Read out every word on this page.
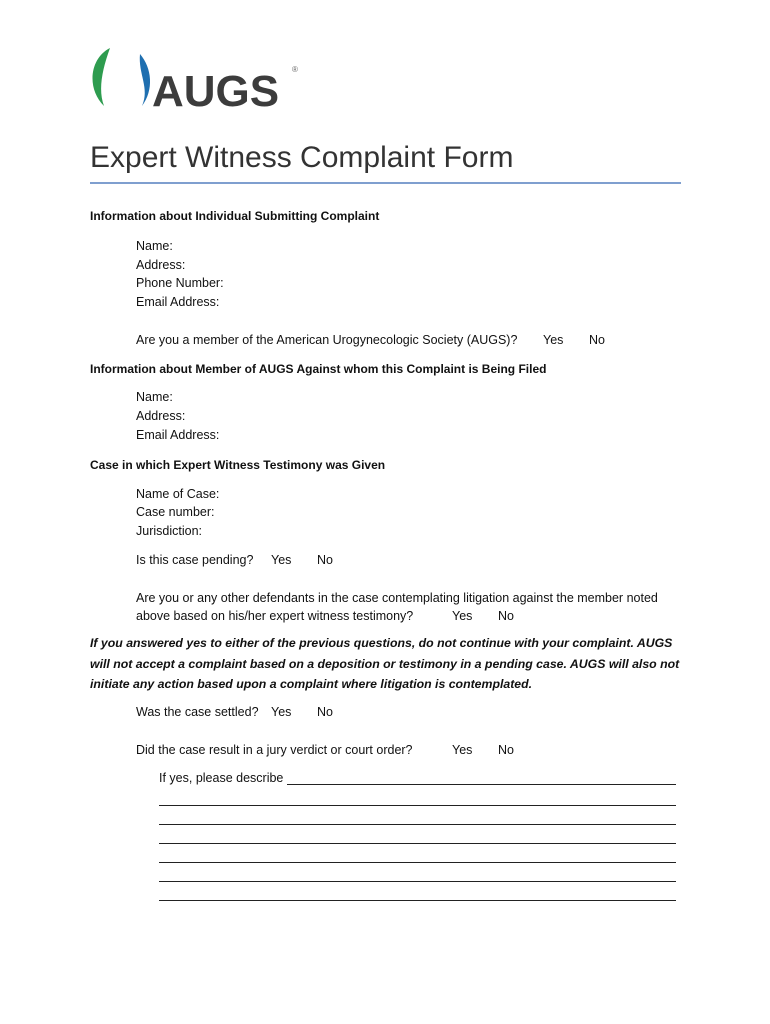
AUGS ®
Expert Witness Complaint Form
Information about Individual Submitting Complaint
Name:
Address:
Phone Number:
Email Address:
Are you a member of the American Urogynecologic Society (AUGS)? Yes No
Information about Member of AUGS Against whom this Complaint is Being Filed
Name:
Address:
Email Address:
Case in which Expert Witness Testimony was Given
Name of Case:
Case number:
Jurisdiction:
Is this case pending? Yes No
Are you or any other defendants in the case contemplating litigation against the member noted
above based on his/her expert witness testimony?	Yes No
If you answered yes to either of the previous questions, do not continue with your complaint. AUGS
will not accept a complaint based on a deposition or testimony in a pending case. AUGS will also not
initiate any action based upon a complaint where litigation is contemplated.
Was the case settled? Yes No
Did the case result in a jury verdict or court order?	Yes No
If yes, please describe
